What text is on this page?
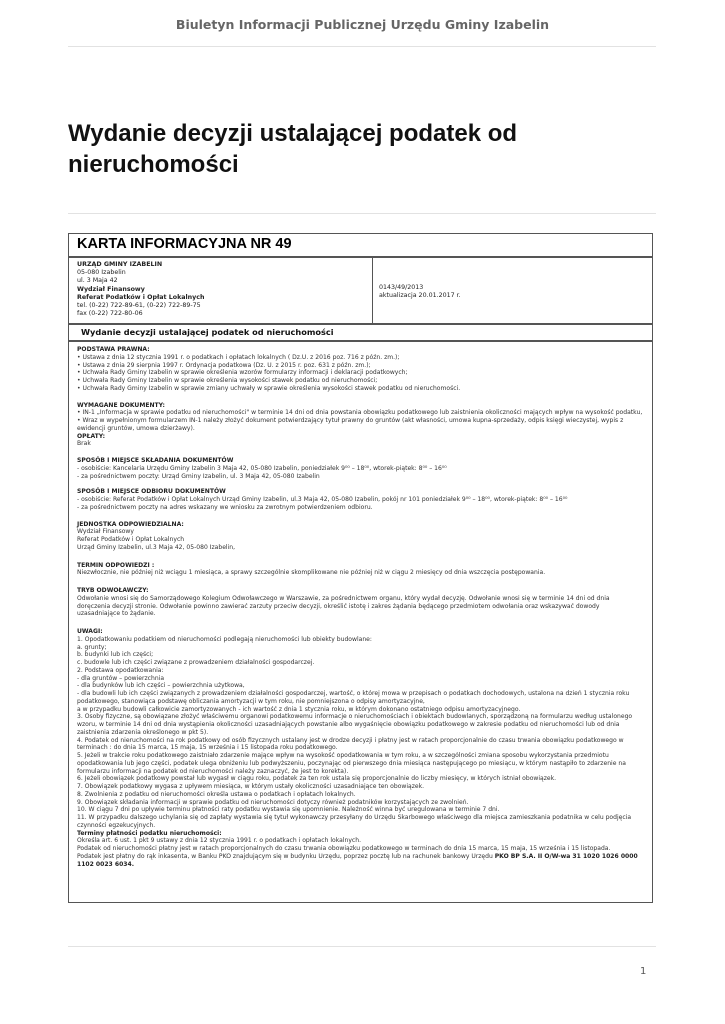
Biuletyn Informacji Publicznej Urzędu Gminy Izabelin
Wydanie decyzji ustalającej podatek od nieruchomości
KARTA INFORMACYJNA NR 49
URZĄD GMINY IZABELIN
05-080 Izabelin
ul. 3 Maja 42
Wydział Finansowy
Referat Podatków i Opłat Lokalnych
tel. (0-22) 722-89-61, (0-22) 722-89-75
fax (0-22) 722-80-06
0143/49/2013
aktualizacja 20.01.2017 r.
Wydanie decyzji ustalającej podatek od nieruchomości
PODSTAWA PRAWNA:
• Ustawa z dnia 12 stycznia 1991 r. o podatkach i opłatach lokalnych ( Dz.U. z 2016 poz. 716 z późn. zm.);
• Ustawa z dnia 29 sierpnia 1997 r. Ordynacja podatkowa (Dz. U. z 2015 r. poz. 631 z późn. zm.);
• Uchwała Rady Gminy Izabelin w sprawie określenia wzorów formularzy informacji i deklaracji podatkowych;
• Uchwała Rady Gminy Izabelin w sprawie określenia wysokości stawek podatku od nieruchomości;
• Uchwała Rady Gminy Izabelin w sprawie zmiany uchwały w sprawie określenia wysokości stawek podatku od nieruchomości.
WYMAGANE DOKUMENTY:
• IN-1 „Informacja w sprawie podatku od nieruchomości" w terminie 14 dni od dnia powstania obowiązku podatkowego lub zaistnienia okoliczności mających wpływ na wysokość podatku,
• Wraz w wypełnionym formularzem IN-1 należy złożyć dokument potwierdzający tytuł prawny do gruntów (akt własności, umowa kupna-sprzedaży, odpis księgi wieczystej, wypis z ewidencji gruntów, umowa dzierżawy).
OPŁATY:
Brak
SPOSÓB I MIEJSCE SKŁADANIA DOKUMENTÓW
- osobiście: Kancelaria Urzędu Gminy Izabelin 3 Maja 42, 05-080 Izabelin, poniedziałek 9⁰⁰ – 18⁰⁰, wtorek-piątek: 8⁰⁰ – 16⁰⁰
- za pośrednictwem poczty: Urząd Gminy Izabelin, ul. 3 Maja 42, 05-080 Izabelin
SPOSÓB I MIEJSCE ODBIORU DOKUMENTÓW
- osobiście: Referat Podatków i Opłat Lokalnych Urząd Gminy Izabelin, ul.3 Maja 42, 05-080 Izabelin, pokój nr 101 poniedziałek 9⁰⁰ – 18⁰⁰, wtorek-piątek: 8⁰⁰ – 16⁰⁰
- za pośrednictwem poczty na adres wskazany we wniosku za zwrotnym potwierdzeniem odbioru.
JEDNOSTKA ODPOWIEDZIALNA:
Wydział Finansowy
Referat Podatków i Opłat Lokalnych
Urząd Gminy Izabelin, ul.3 Maja 42, 05-080 Izabelin,
TERMIN ODPOWIEDZI :
Niezwłocznie, nie później niż wciągu 1 miesiąca, a sprawy szczególnie skomplikowane nie później niż w ciągu 2 miesięcy od dnia wszczęcia postępowania.
TRYB ODWOŁAWCZY:
Odwołanie wnosi się do Samorządowego Kolegium Odwoławczego w Warszawie, za pośrednictwem organu, który wydał decyzję. Odwołanie wnosi się w terminie 14 dni od dnia doręczenia decyzji stronie. Odwołanie powinno zawierać zarzuty przeciw decyzji, określić istotę i zakres żądania będącego przedmiotem odwołania oraz wskazywać dowody uzasadniające to żądanie.
UWAGI:
1. Opodatkowaniu podatkiem od nieruchomości podlegają nieruchomości lub obiekty budowlane:
a. grunty;
b. budynki lub ich części;
c. budowle lub ich części związane z prowadzeniem działalności gospodarczej.
2. Podstawa opodatkowania:
- dla gruntów – powierzchnia
- dla budynków lub ich części – powierzchnia użytkowa,
- dla budowli lub ich części związanych z prowadzeniem działalności gospodarczej, wartość, o której mowa w przepisach o podatkach dochodowych, ustalona na dzień 1 stycznia roku podatkowego, stanowiąca podstawę obliczania amortyzacji w tym roku, nie pomniejszona o odpisy amortyzacyjne,
a w przypadku budowli całkowicie zamortyzowanych - ich wartość z dnia 1 stycznia roku, w którym dokonano ostatniego odpisu amortyzacyjnego.
3. Osoby fizyczne, są obowiązane złożyć właściwemu organowi podatkowemu informacje o nieruchomościach i obiektach budowlanych, sporządzoną na formularzu według ustalonego wzoru, w terminie 14 dni od dnia wystąpienia okoliczności uzasadniających powstanie albo wygaśnięcie obowiązku podatkowego w zakresie podatku od nieruchomości lub od dnia zaistnienia zdarzenia określonego w pkt 5).
4. Podatek od nieruchomości na rok podatkowy od osób fizycznych ustalany jest w drodze decyzji i płatny jest w ratach proporcjonalnie do czasu trwania obowiązku podatkowego w terminach : do dnia 15 marca, 15 maja, 15 września i 15 listopada roku podatkowego.
5. Jeżeli w trakcie roku podatkowego zaistniało zdarzenie mające wpływ na wysokość opodatkowania w tym roku, a w szczególności zmiana sposobu wykorzystania przedmiotu opodatkowania lub jego części, podatek ulega obniżeniu lub podwyższeniu, poczynając od pierwszego dnia miesiąca następującego po miesiącu, w którym nastąpiło to zdarzenie na formularzu informacji na podatek od nieruchomości należy zaznaczyć, że jest to korekta).
6. Jeżeli obowiązek podatkowy powstał lub wygasł w ciągu roku, podatek za ten rok ustala się proporcjonalnie do liczby miesięcy, w których istniał obowiązek.
7. Obowiązek podatkowy wygasa z upływem miesiąca, w którym ustały okoliczności uzasadniające ten obowiązek.
8. Zwolnienia z podatku od nieruchomości określa ustawa o podatkach i opłatach lokalnych.
9. Obowiązek składania informacji w sprawie podatku od nieruchomości dotyczy również podatników korzystających ze zwolnień.
10. W ciągu 7 dni po upływie terminu płatności raty podatku wystawia się upomnienie. Należność winna być uregulowana w terminie 7 dni.
11. W przypadku dalszego uchylania się od zapłaty wystawia się tytuł wykonawczy przesyłany do Urzędu Skarbowego właściwego dla miejsca zamieszkania podatnika w celu podjęcia czynności egzekucyjnych.
Terminy płatności podatku nieruchomości:
Określa art. 6 ust. 1 pkt 9 ustawy z dnia 12 stycznia 1991 r. o podatkach i opłatach lokalnych.
Podatek od nieruchomości płatny jest w ratach proporcjonalnych do czasu trwania obowiązku podatkowego w terminach do dnia 15 marca, 15 maja, 15 września i 15 listopada.
Podatek jest płatny do rąk inkasenta, w Banku PKO znajdującym się w budynku Urzędu, poprzez pocztę lub na rachunek bankowy Urzędu PKO BP S.A. II O/W-wa 31 1020 1026 0000 1102 0023 6034.
1
